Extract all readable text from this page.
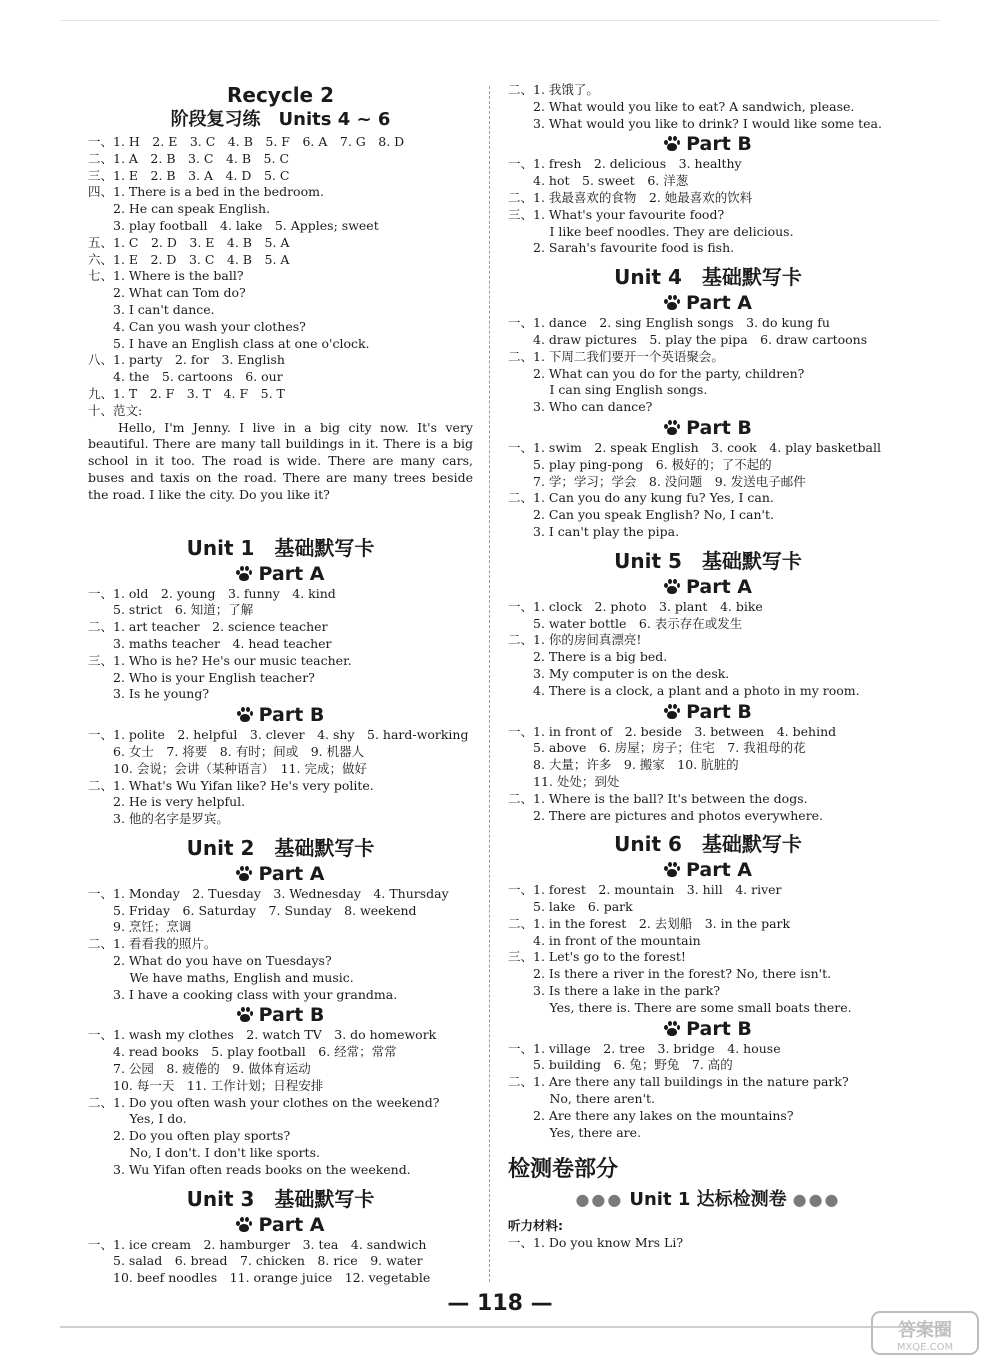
Recycle 2

阶段复习练　Units 4 ~ 6

一、1. H　2. E　3. C　4. B　5. F　6. A　7. G　8. D

二、1. A　2. B　3. C　4. B　5. C

三、1. E　2. B　3. A　4. D　5. C

四、1. There is a bed in the bedroom.

　　2. He can speak English.

　　3. play football　4. lake　5. Apples; sweet

五、1. C　2. D　3. E　4. B　5. A

六、1. E　2. D　3. C　4. B　5. A

七、1. Where is the ball?

　　2. What can Tom do?

　　3. I can't dance.

　　4. Can you wash your clothes?

　　5. I have an English class at one o'clock.

八、1. party　2. for　3. English

　　4. the　5. cartoons　6. our

九、1. T　2. F　3. T　4. F　5. T

十、范文:

Hello, I'm Jenny. I live in a big city now. It's very beautiful. There are many tall buildings in it. There is a big school in it too. The road is wide. There are many cars, buses and taxis on the road. There are many trees beside the road. I like the city. Do you like it?

Unit 1　基础默写卡

Part A

一、1. old　2. young　3. funny　4. kind

　　5. strict　6. 知道；了解

二、1. art teacher　2. science teacher

　　3. maths teacher　4. head teacher

三、1. Who is he? He's our music teacher.

　　2. Who is your English teacher?

　　3. Is he young?

Part B

一、1. polite　2. helpful　3. clever　4. shy　5. hard-working

　　6. 女士　7. 将要　8. 有时；间或　9. 机器人

　　10. 会说；会讲（某种语言）　11. 完成；做好

二、1. What's Wu Yifan like? He's very polite.

　　2. He is very helpful.

　　3. 他的名字是罗宾。

Unit 2　基础默写卡

Part A

一、1. Monday　2. Tuesday　3. Wednesday　4. Thursday

　　5. Friday　6. Saturday　7. Sunday　8. weekend

　　9. 烹饪；烹调

二、1. 看看我的照片。

　　2. What do you have on Tuesdays?

　　　 We have maths, English and music.

　　3. I have a cooking class with your grandma.

Part B

一、1. wash my clothes　2. watch TV　3. do homework

　　4. read books　5. play football　6. 经常；常常

　　7. 公园　8. 疲倦的　9. 做体育运动

　　10. 每一天　11. 工作计划；日程安排

二、1. Do you often wash your clothes on the weekend?

　　　 Yes, I do.

　　2. Do you often play sports?

　　　 No, I don't. I don't like sports.

　　3. Wu Yifan often reads books on the weekend.

Unit 3　基础默写卡

Part A

一、1. ice cream　2. hamburger　3. tea　4. sandwich

　　5. salad　6. bread　7. chicken　8. rice　9. water

　　10. beef noodles　11. orange juice　12. vegetable

二、1. 我饿了。

　　2. What would you like to eat? A sandwich, please.

　　3. What would you like to drink? I would like some tea.

Part B

一、1. fresh　2. delicious　3. healthy

　　4. hot　5. sweet　6. 洋葱

二、1. 我最喜欢的食物　2. 她最喜欢的饮料

三、1. What's your favourite food?

　　　 I like beef noodles. They are delicious.

　　2. Sarah's favourite food is fish.

Unit 4　基础默写卡

Part A

一、1. dance　2. sing English songs　3. do kung fu

　　4. draw pictures　5. play the pipa　6. draw cartoons

二、1. 下周二我们要开一个英语聚会。

　　2. What can you do for the party, children?

　　　 I can sing English songs.

　　3. Who can dance?

Part B

一、1. swim　2. speak English　3. cook　4. play basketball

　　5. play ping-pong　6. 极好的；了不起的

　　7. 学；学习；学会　8. 没问题　9. 发送电子邮件

二、1. Can you do any kung fu? Yes, I can.

　　2. Can you speak English? No, I can't.

　　3. I can't play the pipa.

Unit 5　基础默写卡

Part A

一、1. clock　2. photo　3. plant　4. bike

　　5. water bottle　6. 表示存在或发生

二、1. 你的房间真漂亮!

　　2. There is a big bed.

　　3. My computer is on the desk.

　　4. There is a clock, a plant and a photo in my room.

Part B

一、1. in front of　2. beside　3. between　4. behind

　　5. above　6. 房屋；房子；住宅　7. 我祖母的花

　　8. 大量；许多　9. 搬家　10. 肮脏的

　　11. 处处；到处

二、1. Where is the ball? It's between the dogs.

　　2. There are pictures and photos everywhere.

Unit 6　基础默写卡

Part A

一、1. forest　2. mountain　3. hill　4. river

　　5. lake　6. park

二、1. in the forest　2. 去划船　3. in the park

　　4. in front of the mountain

三、1. Let's go to the forest!

　　2. Is there a river in the forest? No, there isn't.

　　3. Is there a lake in the park?

　　　 Yes, there is. There are some small boats there.

Part B

一、1. village　2. tree　3. bridge　4. house

　　5. building　6. 兔；野兔　7. 高的

二、1. Are there any tall buildings in the nature park?

　　　 No, there aren't.

　　2. Are there any lakes on the mountains?

　　　 Yes, there are.

检测卷部分

●●● Unit 1 达标检测卷 ●●●

听力材料:

一、1. Do you know Mrs Li?

— 118 —
答案圈
MXQE.COM
